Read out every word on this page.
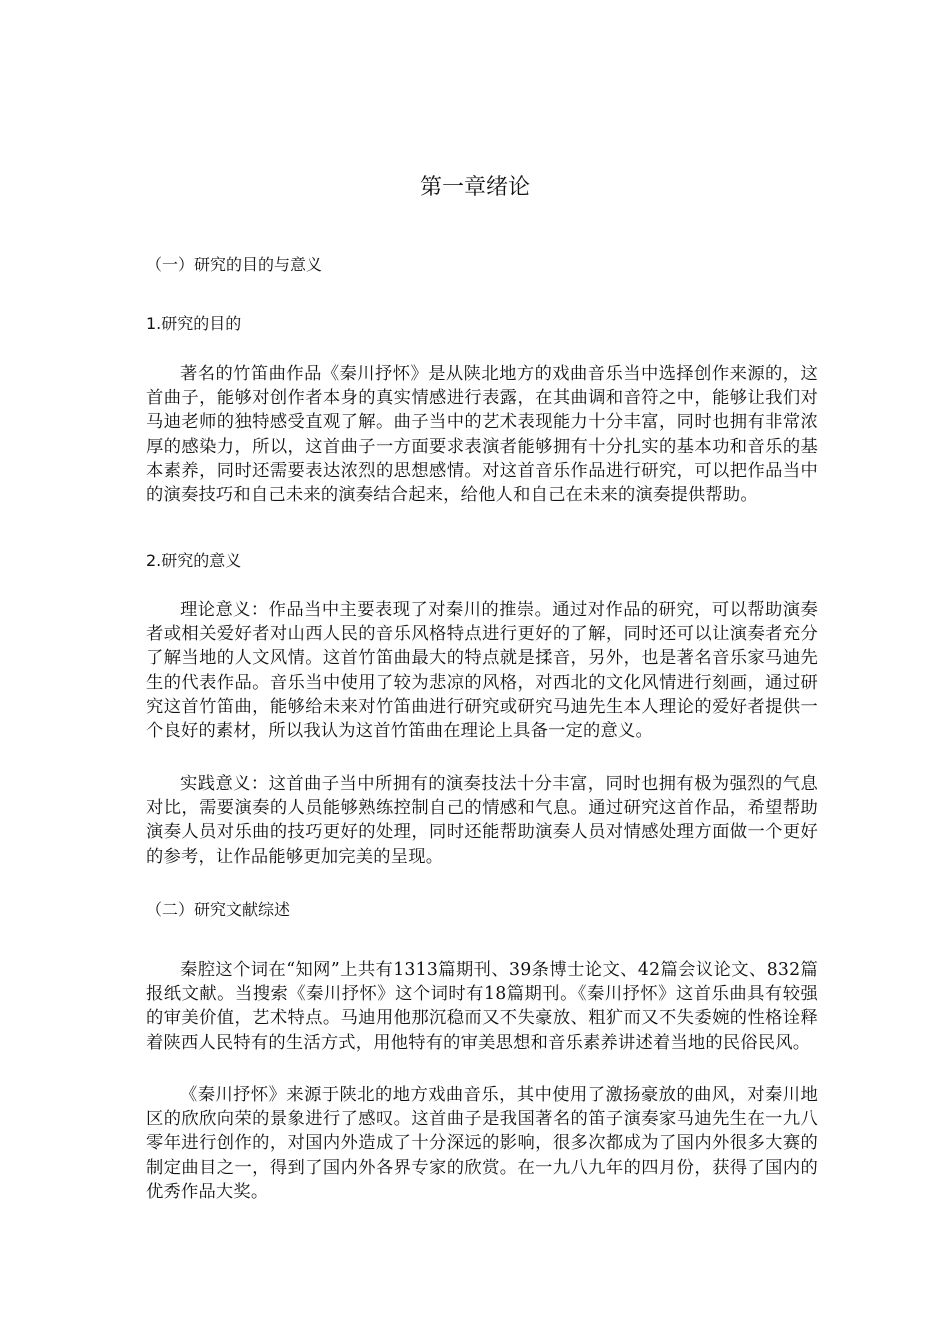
第一章绪论
（一）研究的目的与意义
1.研究的目的

著名的竹笛曲作品《秦川抒怀》是从陕北地方的戏曲音乐当中选择创作来源的，这首曲子，能够对创作者本身的真实情感进行表露，在其曲调和音符之中，能够让我们对马迪老师的独特感受直观了解。曲子当中的艺术表现能力十分丰富，同时也拥有非常浓厚的感染力，所以，这首曲子一方面要求表演者能够拥有十分扎实的基本功和音乐的基本素养，同时还需要表达浓烈的思想感情。对这首音乐作品进行研究，可以把作品当中的演奏技巧和自己未来的演奏结合起来，给他人和自己在未来的演奏提供帮助。

2.研究的意义

理论意义：作品当中主要表现了对秦川的推崇。通过对作品的研究，可以帮助演奏者或相关爱好者对山西人民的音乐风格特点进行更好的了解，同时还可以让演奏者充分了解当地的人文风情。这首竹笛曲最大的特点就是揉音，另外，也是著名音乐家马迪先生的代表作品。音乐当中使用了较为悲凉的风格，对西北的文化风情进行刻画，通过研究这首竹笛曲，能够给未来对竹笛曲进行研究或研究马迪先生本人理论的爱好者提供一个良好的素材，所以我认为这首竹笛曲在理论上具备一定的意义。

实践意义：这首曲子当中所拥有的演奏技法十分丰富，同时也拥有极为强烈的气息对比，需要演奏的人员能够熟练控制自己的情感和气息。通过研究这首作品，希望帮助演奏人员对乐曲的技巧更好的处理，同时还能帮助演奏人员对情感处理方面做一个更好的参考，让作品能够更加完美的呈现。

（二）研究文献综述

秦腔这个词在“知网”上共有1313篇期刊、39条博士论文、42篇会议论文、832篇报纸文献。当搜索《秦川抒怀》这个词时有18篇期刊。《秦川抒怀》这首乐曲具有较强的审美价值，艺术特点。马迪用他那沉稳而又不失豪放、粗犷而又不失委婉的性格诠释着陕西人民特有的生活方式，用他特有的审美思想和音乐素养讲述着当地的民俗民风。

《秦川抒怀》来源于陕北的地方戏曲音乐，其中使用了激扬豪放的曲风，对秦川地区的欣欣向荣的景象进行了感叹。这首曲子是我国著名的笛子演奏家马迪先生在一九八零年进行创作的，对国内外造成了十分深远的影响，很多次都成为了国内外很多大赛的制定曲目之一，得到了国内外各界专家的欣赏。在一九八九年的四月份，获得了国内的优秀作品大奖。
